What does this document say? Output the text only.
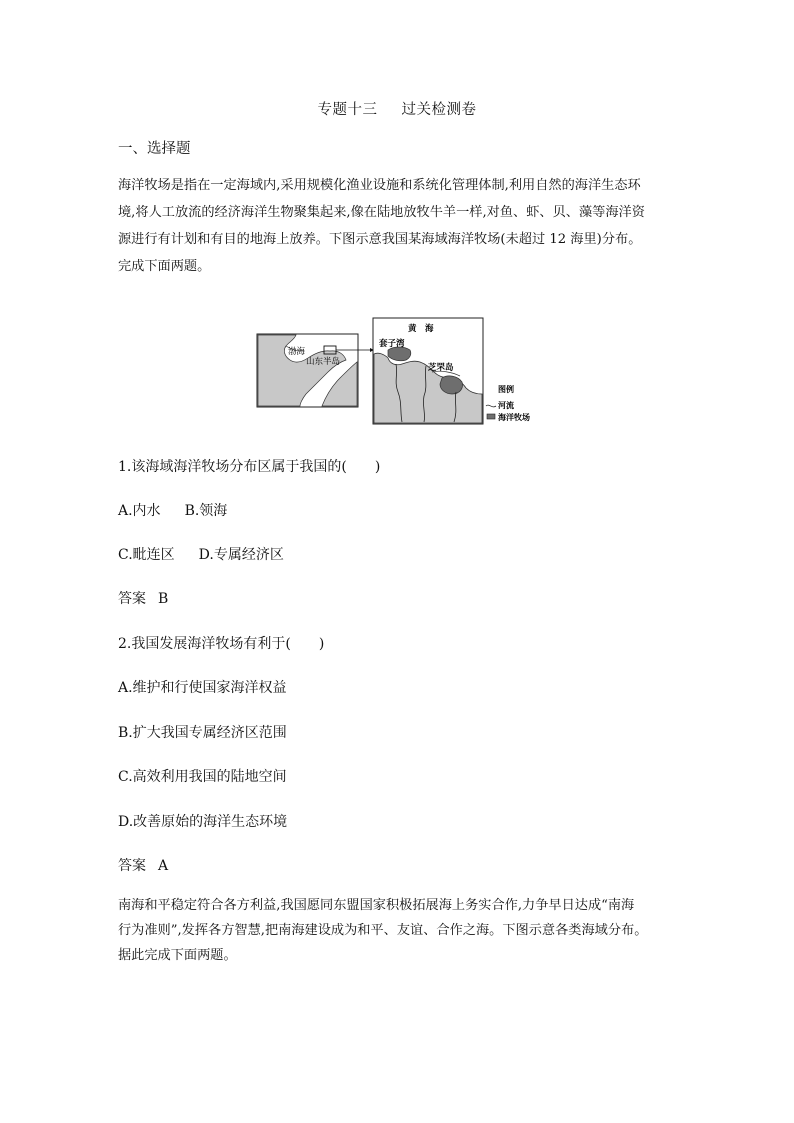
专题十三 过关检测卷
一、选择题
海洋牧场是指在一定海域内,采用规模化渔业设施和系统化管理体制,利用自然的海洋生态环
境,将人工放流的经济海洋生物聚集起来,像在陆地放牧牛羊一样,对鱼、虾、贝、藻等海洋资
源进行有计划和有目的地海上放养。下图示意我国某海域海洋牧场(未超过 12 海里)分布。
完成下面两题。
渤海
山东半岛
黄　海
套子湾
芝罘岛
图例
河流
海洋牧场
1.该海域海洋牧场分布区属于我国的(　　)
A.内水 B.领海
C.毗连区 D.专属经济区
答案 B
2.我国发展海洋牧场有利于(　　)
A.维护和行使国家海洋权益
B.扩大我国专属经济区范围
C.高效利用我国的陆地空间
D.改善原始的海洋生态环境
答案 A
南海和平稳定符合各方利益,我国愿同东盟国家积极拓展海上务实合作,力争早日达成“南海
行为准则”,发挥各方智慧,把南海建设成为和平、友谊、合作之海。下图示意各类海域分布。
据此完成下面两题。
